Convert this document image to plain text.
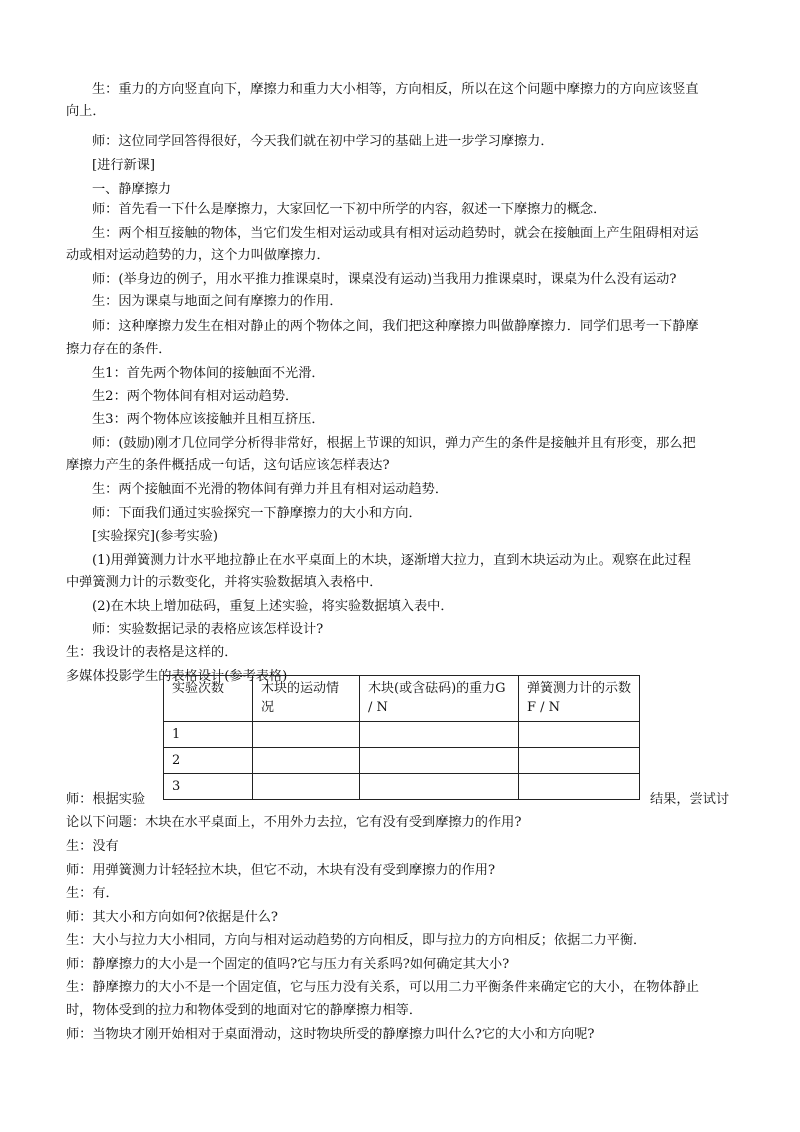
生：重力的方向竖直向下，摩擦力和重力大小相等，方向相反，所以在这个问题中摩擦力的方向应该竖直
向上．
师：这位同学回答得很好，今天我们就在初中学习的基础上进一步学习摩擦力．
[进行新课]
一、静摩擦力
师：首先看一下什么是摩擦力，大家回忆一下初中所学的内容，叙述一下摩擦力的概念．
生：两个相互接触的物体，当它们发生相对运动或具有相对运动趋势时，就会在接触面上产生阻碍相对运
动或相对运动趋势的力，这个力叫做摩擦力．
师：(举身边的例子，用水平推力推课桌时，课桌没有运动)当我用力推课桌时，课桌为什么没有运动?
生：因为课桌与地面之间有摩擦力的作用．
师：这种摩擦力发生在相对静止的两个物体之间，我们把这种摩擦力叫做静摩擦力．同学们思考一下静摩
擦力存在的条件．
生1：首先两个物体间的接触面不光滑．
生2：两个物体间有相对运动趋势．
生3：两个物体应该接触并且相互挤压．
师：(鼓励)刚才几位同学分析得非常好，根据上节课的知识，弹力产生的条件是接触并且有形变，那么把
摩擦力产生的条件概括成一句话，这句话应该怎样表达?
生：两个接触面不光滑的物体间有弹力并且有相对运动趋势．
师：下面我们通过实验探究一下静摩擦力的大小和方向．
[实验探究](参考实验)
(1)用弹簧测力计水平地拉静止在水平桌面上的木块，逐渐增大拉力，直到木块运动为止。观察在此过程
中弹簧测力计的示数变化，并将实验数据填入表格中．
(2)在木块上增加砝码，重复上述实验，将实验数据填入表中．
师：实验数据记录的表格应该怎样设计?
生：我设计的表格是这样的．
多媒体投影学生的表格设计(参考表格)
实验次数	木块的运动情况	木块(或含砝码)的重力G / N	弹簧测力计的示数F / N

1			
2			
3			
师：根据实验	结果，尝试讨
论以下问题：木块在水平桌面上，不用外力去拉，它有没有受到摩擦力的作用?
生：没有
师：用弹簧测力计轻轻拉木块，但它不动，木块有没有受到摩擦力的作用?
生：有．
师：其大小和方向如何?依据是什么?
生：大小与拉力大小相同，方向与相对运动趋势的方向相反，即与拉力的方向相反；依据二力平衡．
师：静摩擦力的大小是一个固定的值吗?它与压力有关系吗?如何确定其大小?
生：静摩擦力的大小不是一个固定值，它与压力没有关系，可以用二力平衡条件来确定它的大小，在物体静止
时，物体受到的拉力和物体受到的地面对它的静摩擦力相等．
师：当物块才刚开始相对于桌面滑动，这时物块所受的静摩擦力叫什么?它的大小和方向呢?
